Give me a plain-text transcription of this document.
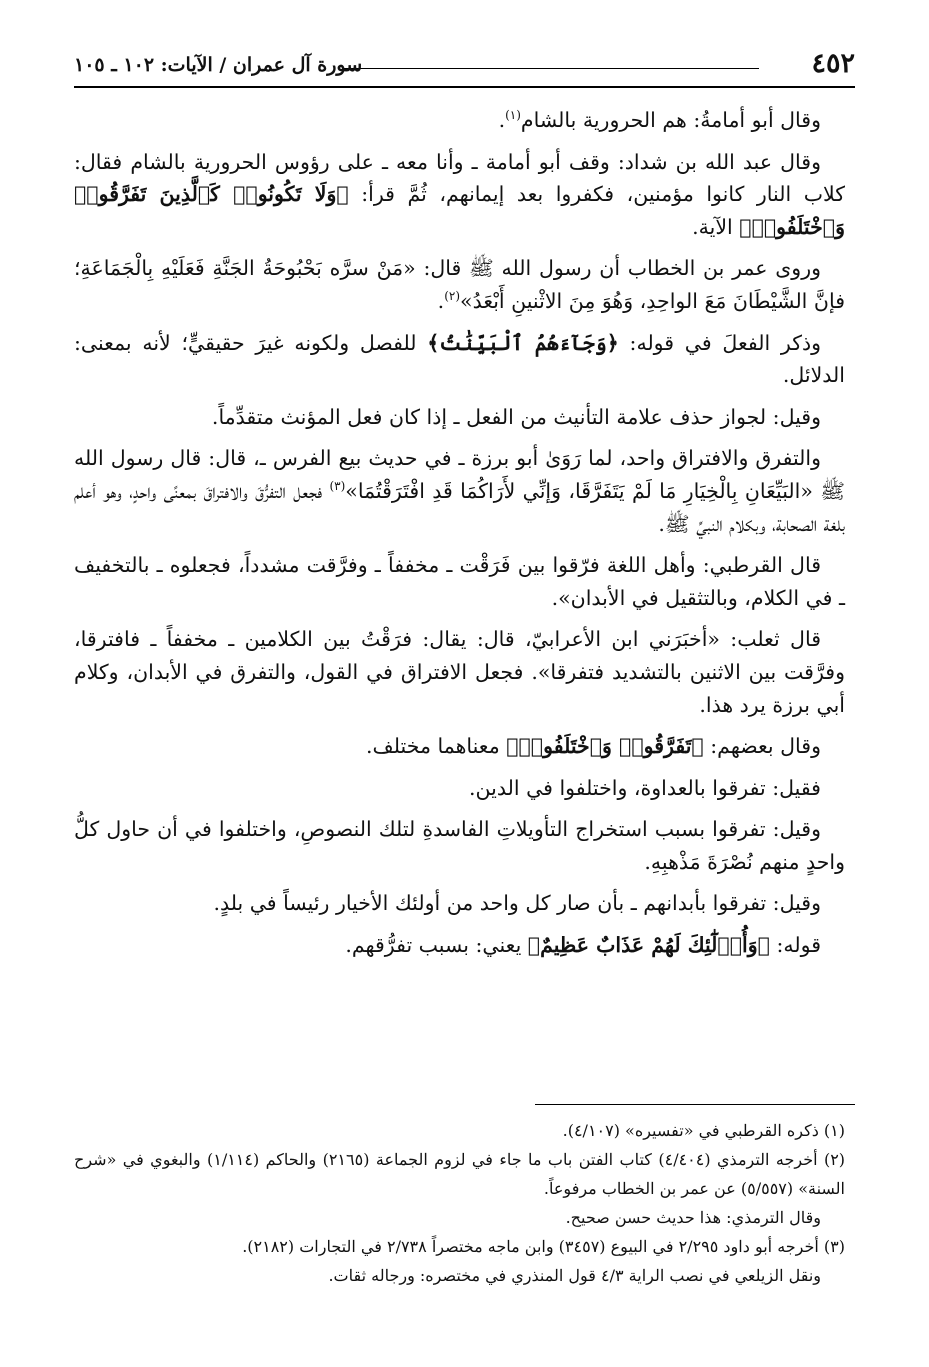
٤٥٢
سورة آل عمران / الآيات: ١٠٢ ـ ١٠٥

وقال أبو أمامةُ: هم الحرورية بالشام$^{(١)}$.

وقال عبد الله بن شداد: وقف أبو أمامة ـ وأنا معه ـ على رؤوس الحرورية بالشام فقال: كلاب النار كانوا مؤمنين، فكفروا بعد إيمانهم، ثُمَّ قرأ: ﴿وَلَا تَكُونُوا۟ كَٱلَّذِينَ تَفَرَّقُوا۟ وَٱخْتَلَفُوا۟﴾ الآية.

وروى عمر بن الخطاب أن رسول الله ﷺ قال: «مَنْ سرَّه بَحْبُوحَةُ الجَنَّةِ فَعَلَيْهِ بِالْجَمَاعَةِ؛ فإنَّ الشَّيْطَانَ مَعَ الواحِدِ، وَهُوَ مِنَ الاثْنينِ أَبْعَدُ»$^{(٢)}$.

وذكر الفعلَ في قوله: ﴿وَجَآءَهُمُ ٱلْبَيِّنَٰتُ﴾ للفصل ولكونه غيرَ حقيقيٍّ؛ لأنه بمعنى: الدلائل.

وقيل: لجواز حذف علامة التأنيث من الفعل ـ إذا كان فعل المؤنث متقدِّماً.

والتفرق والافتراق واحد، لما رَوَىٰ أبو برزة ـ في حديث بيع الفرس ـ، قال: قال رسول الله ﷺ «البَيِّعَانِ بِالْخِيَارِ مَا لَمْ يَتَفَرَّقَا، وَإنِّي لأَرَاكُمَا قَدِ افْتَرَقْتُمَا»$^{(٣)}$ فجعل التفرُّقَ والافتراقَ بمعنًى واحدٍ، وهو أعلم بلغة الصحابة، وبكلام النبيِّ ﷺ.

قال القرطبي: وأهل اللغة فرّقوا بين فَرَقْت ـ مخففاً ـ وفرَّقت مشدداً، فجعلوه ـ بالتخفيف ـ في الكلام، وبالتثقيل في الأبدان».

قال ثعلب: «أخبَرَني ابن الأعرابيّ، قال: يقال: فرَقْتُ بين الكلامين ـ مخففاً ـ فافترقا، وفرَّقت بين الاثنين بالتشديد فتفرقا». فجعل الافتراق في القول، والتفرق في الأبدان، وكلام أبي برزة يرد هذا.

وقال بعضهم: ﴿تَفَرَّقُوا۟ وَٱخْتَلَفُوا۟﴾ معناهما مختلف.

فقيل: تفرقوا بالعداوة، واختلفوا في الدين.

وقيل: تفرقوا بسبب استخراج التأويلاتِ الفاسدةِ لتلك النصوصِ، واختلفوا في أن حاول كلُّ واحدٍ منهم نُصْرَةَ مَذْهبِهِ.

وقيل: تفرقوا بأبدانهم ـ بأن صار كل واحد من أولئك الأخيار رئيساً في بلدٍ.

قوله: ﴿وَأُو۟لَٰٓئِكَ لَهُمْ عَذَابٌ عَظِيمٌ﴾ يعني: بسبب تفرُّقهم.

(١) ذكره القرطبي في «تفسيره» (٤/١٠٧).

(٢) أخرجه الترمذي (٤/٤٠٤) كتاب الفتن باب ما جاء في لزوم الجماعة (٢١٦٥) والحاكم (١/١١٤) والبغوي في «شرح السنة» (٥/٥٥٧) عن عمر بن الخطاب مرفوعاً.

وقال الترمذي: هذا حديث حسن صحيح.

(٣) أخرجه أبو داود ٢/٢٩٥ في البيوع (٣٤٥٧) وابن ماجه مختصراً ٢/٧٣٨ في التجارات (٢١٨٢).

ونقل الزيلعي في نصب الراية ٤/٣ قول المنذري في مختصره: ورجاله ثقات.
